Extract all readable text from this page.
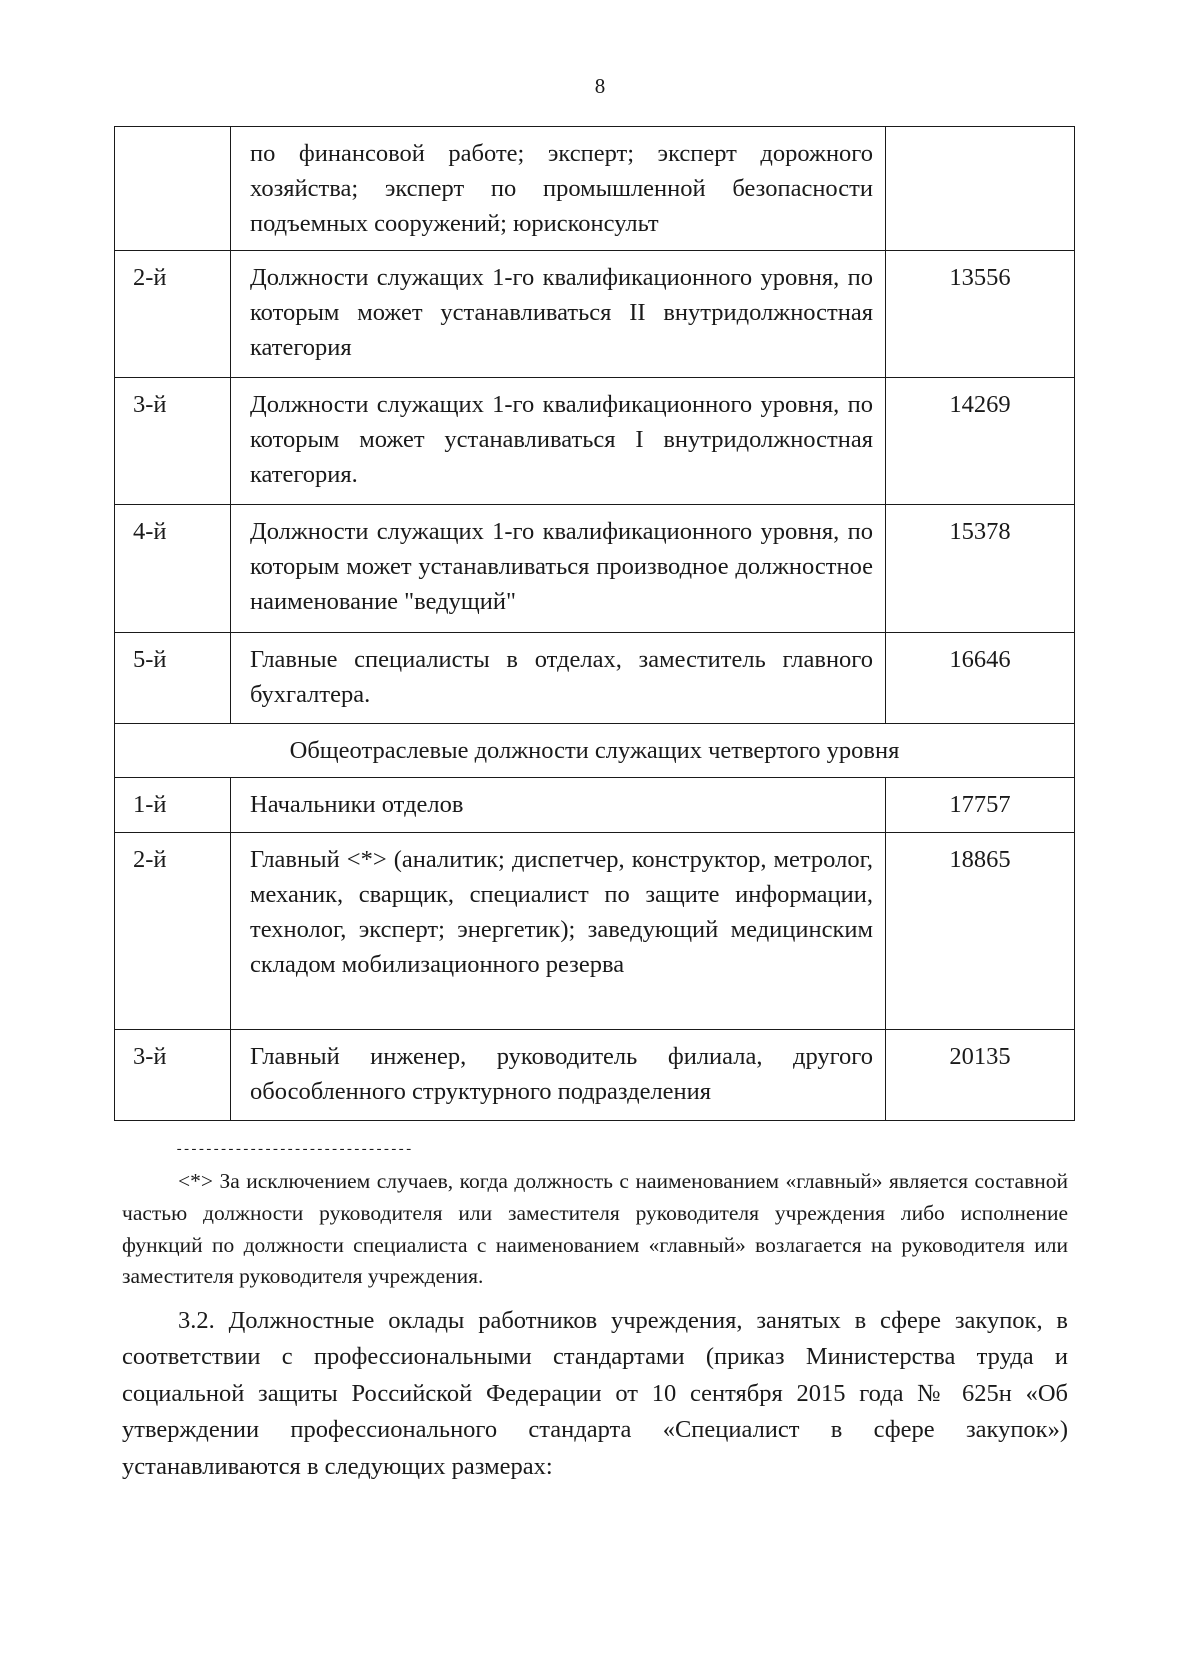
8
	по финансовой работе; эксперт; эксперт дорожного хозяйства; эксперт по промышленной безопасности подъемных сооружений; юрисконсульт	
2-й	Должности служащих 1-го квалификационного уровня, по которым может устанавливаться II внутридолжностная категория	13556
3-й	Должности служащих 1-го квалификационного уровня, по которым может устанавливаться I внутридолжностная категория.	14269
4-й	Должности служащих 1-го квалификационного уровня, по которым может устанавливаться производное должностное наименование "ведущий"	15378
5-й	Главные специалисты в отделах, заместитель главного бухгалтера.	16646
Общеотраслевые должности служащих четвертого уровня		
1-й	Начальники отделов	17757
2-й	Главный <*> (аналитик; диспетчер, конструктор, метролог, механик, сварщик, специалист по защите информации, технолог, эксперт; энергетик); заведующий медицинским складом мобилизационного резерва	18865
3-й	Главный инженер, руководитель филиала, другого обособленного структурного подразделения	20135
--------------------------------

<*> За исключением случаев, когда должность с наименованием «главный» является составной частью должности руководителя или заместителя руководителя учреждения либо исполнение функций по должности специалиста с наименованием «главный» возлагается на руководителя или заместителя руководителя учреждения.

3.2. Должностные оклады работников учреждения, занятых в сфере закупок, в соответствии с профессиональными стандартами (приказ Министерства труда и социальной защиты Российской Федерации от 10 сентября 2015 года № 625н «Об утверждении профессионального стандарта «Специалист в сфере закупок») устанавливаются в следующих размерах:
